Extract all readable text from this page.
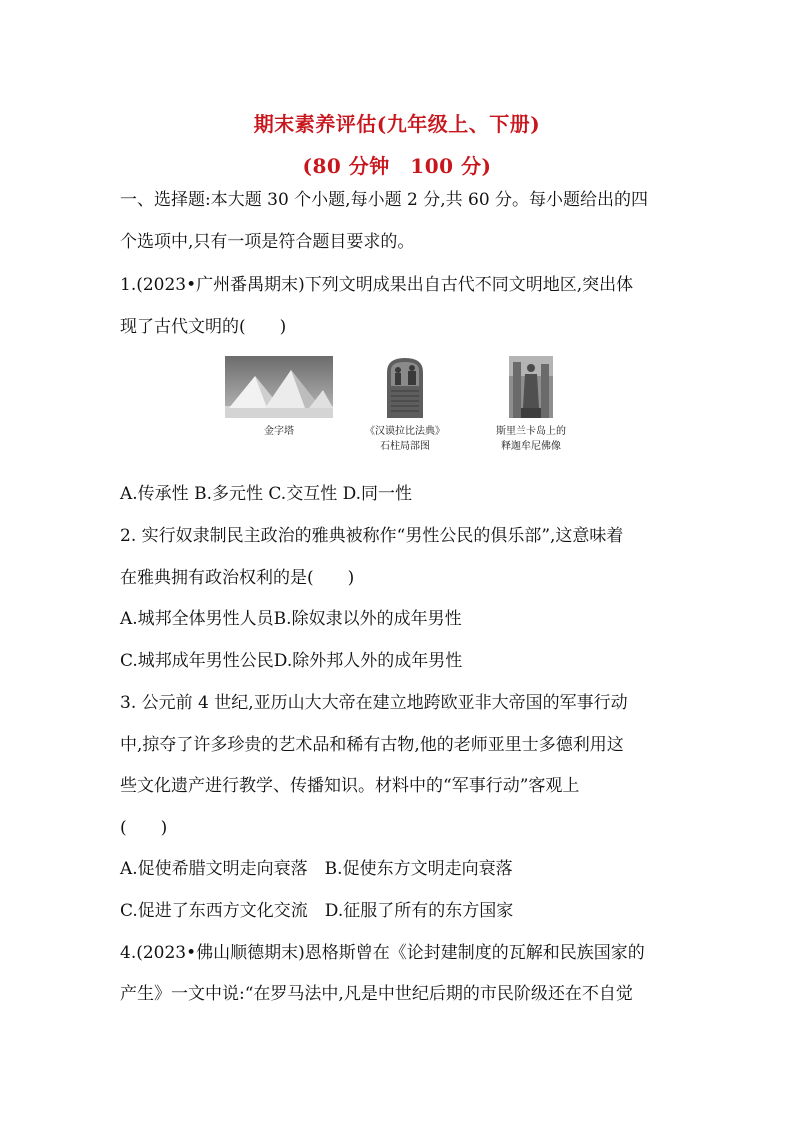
期末素养评估(九年级上、下册)
(80 分钟　100 分)
一、选择题:本大题 30 个小题,每小题 2 分,共 60 分。每小题给出的四
个选项中,只有一项是符合题目要求的。
1.(2023•广州番禺期末)下列文明成果出自古代不同文明地区,突出体
现了古代文明的(　　)
金字塔	《汉谟拉比法典》
石柱局部图
斯里兰卡岛上的
释迦牟尼佛像
A.传承性 B.多元性 C.交互性 D.同一性
2. 实行奴隶制民主政治的雅典被称作“男性公民的俱乐部”,这意味着
在雅典拥有政治权利的是(　　)
A.城邦全体男性人员B.除奴隶以外的成年男性
C.城邦成年男性公民D.除外邦人外的成年男性
3. 公元前 4 世纪,亚历山大大帝在建立地跨欧亚非大帝国的军事行动
中,掠夺了许多珍贵的艺术品和稀有古物,他的老师亚里士多德利用这
些文化遗产进行教学、传播知识。材料中的“军事行动”客观上
(　　)
A.促使希腊文明走向衰落　B.促使东方文明走向衰落
C.促进了东西方文化交流　D.征服了所有的东方国家
4.(2023•佛山顺德期末)恩格斯曾在《论封建制度的瓦解和民族国家的
产生》一文中说:“在罗马法中,凡是中世纪后期的市民阶级还在不自觉
